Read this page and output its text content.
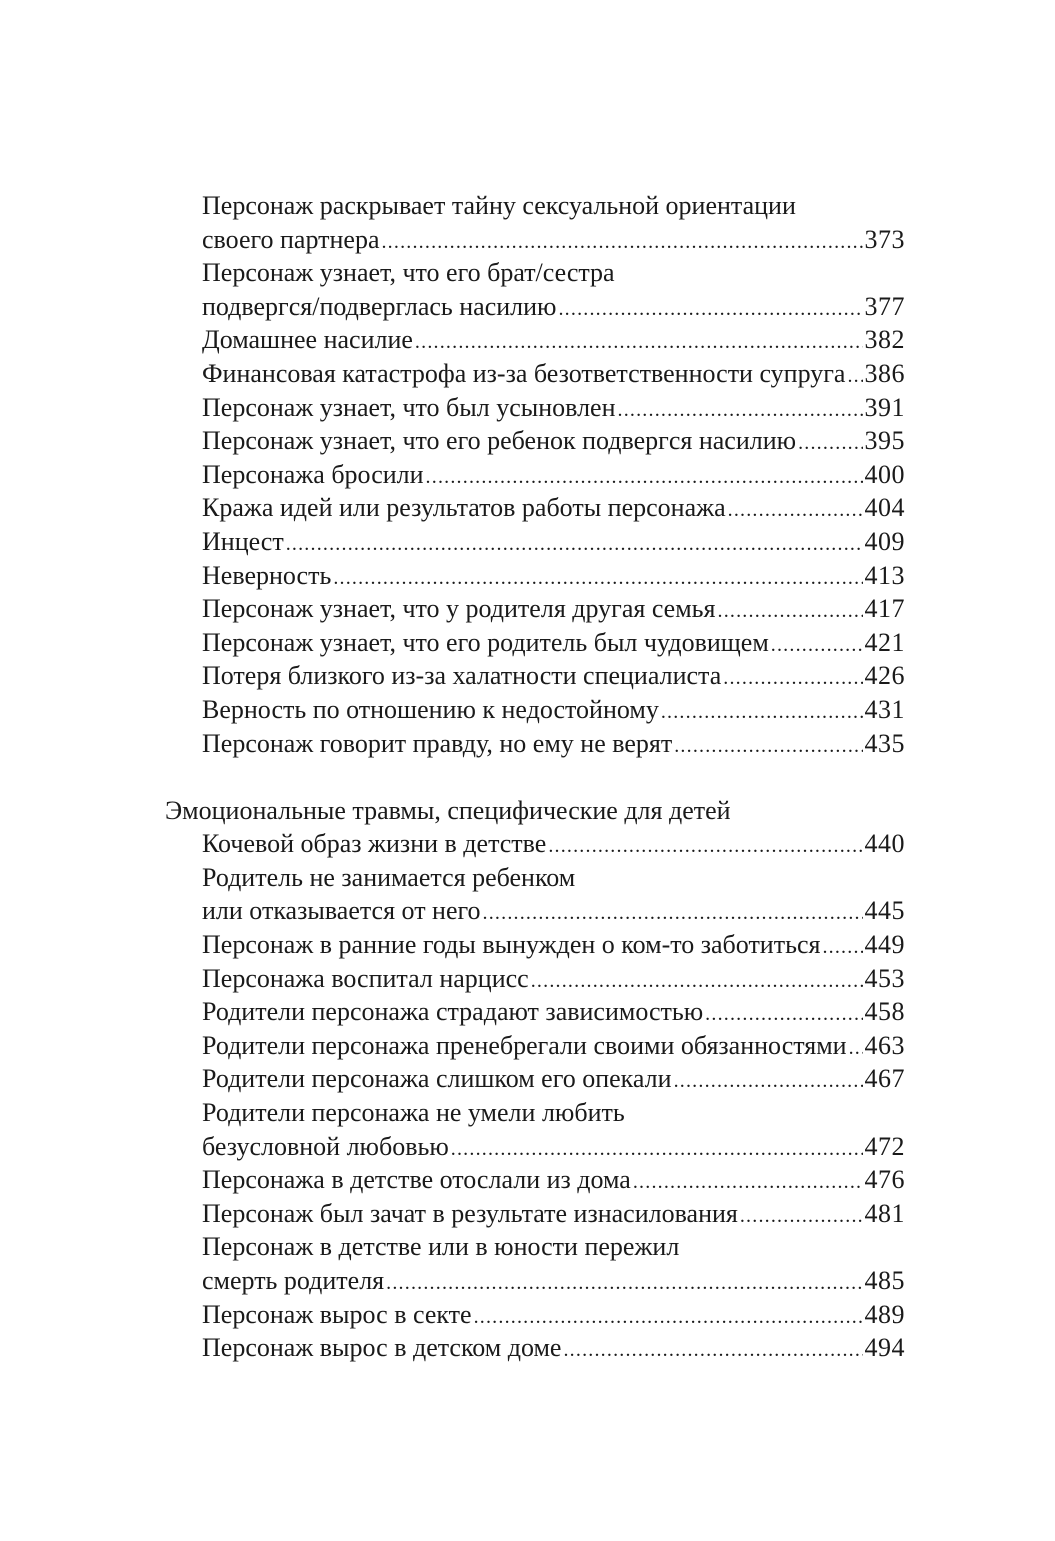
Персонаж раскрывает тайну сексуальной ориентации
своего партнера .....	373
Персонаж узнает, что его брат/сестра
подвергся/подверглась насилию .....	377
Домашнее насилие .....	382
Финансовая катастрофа из-за безответственности супруга ..... 386
Персонаж узнает, что был усыновлен .....	391
Персонаж узнает, что его ребенок подвергся насилию .....	395
Персонажа бросили .....	400
Кража идей или результатов работы персонажа .....	404
Инцест .....	409
Неверность .....	413
Персонаж узнает, что у родителя другая семья .....	417
Персонаж узнает, что его родитель был чудовищем .....	421
Потеря близкого из-за халатности специалиста .....	426
Верность по отношению к недостойному .....	431
Персонаж говорит правду, но ему не верят .....	435
Эмоциональные травмы, специфические для детей
Кочевой образ жизни в детстве .....	440
Родитель не занимается ребенком
или отказывается от него .....	445
Персонаж в ранние годы вынужден о ком-то заботиться ..... 449
Персонажа воспитал нарцисс .....	453
Родители персонажа страдают зависимостью .....	458
Родители персонажа пренебрегали своими обязанностями ..... 463
Родители персонажа слишком его опекали .....	467
Родители персонажа не умели любить
безусловной любовью .....	472
Персонажа в детстве отослали из дома .....	476
Персонаж был зачат в результате изнасилования .....	481
Персонаж в детстве или в юности пережил
смерть родителя .....	485
Персонаж вырос в секте .....	489
Персонаж вырос в детском доме .....	494
